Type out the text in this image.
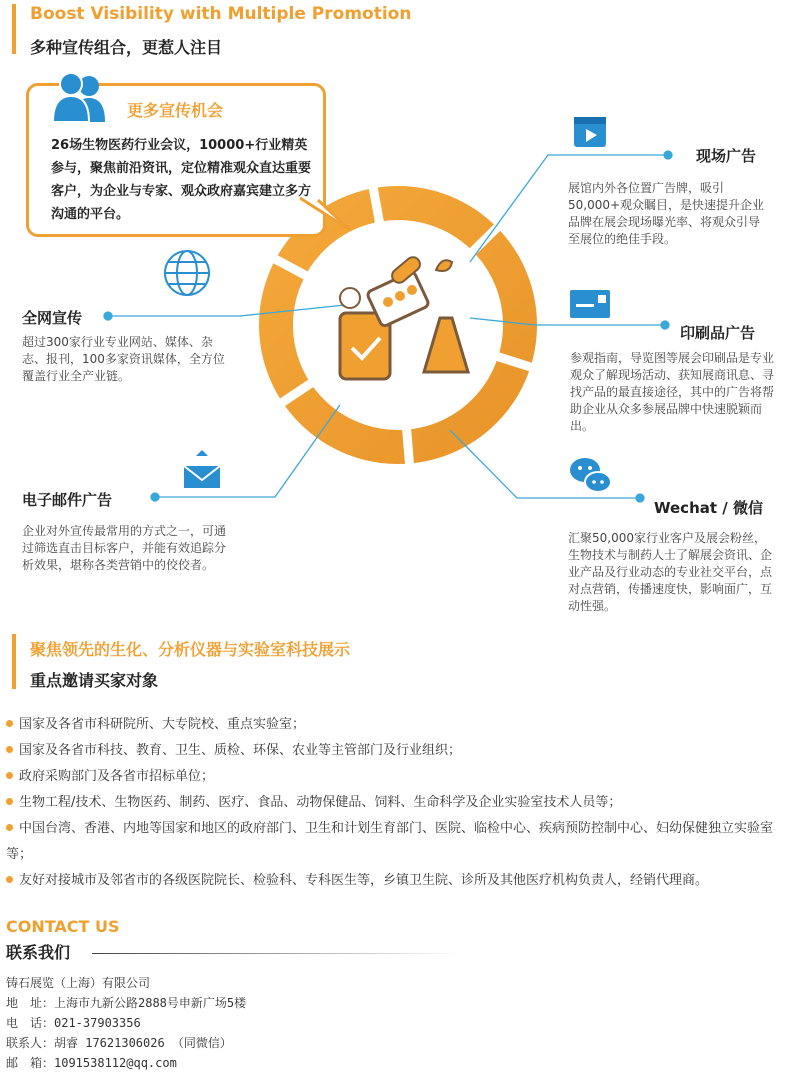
Boost Visibility with Multiple Promotion
多种宣传组合，更惹人注目
更多宣传机会
26场生物医药行业会议，10000+行业精英参与，聚焦前沿资讯，定位精准观众直达重要客户，为企业与专家、观众政府嘉宾建立多方沟通的平台。
现场广告
展馆内外各位置广告牌，吸引50,000+观众瞩目，是快速提升企业品牌在展会现场曝光率、将观众引导至展位的绝佳手段。
印刷品广告
参观指南，导览图等展会印刷品是专业观众了解现场活动、获知展商讯息、寻找产品的最直接途径，其中的广告将帮助企业从众多参展品牌中快速脱颖而出。
全网宣传
超过300家行业专业网站、媒体、杂志、报刊，100多家资讯媒体，全方位覆盖行业全产业链。
电子邮件广告
企业对外宣传最常用的方式之一，可通过筛选直击目标客户，并能有效追踪分析效果，堪称各类营销中的佼佼者。
Wechat / 微信
汇聚50,000家行业客户及展会粉丝，生物技术与制药人士了解展会资讯、企业产品及行业动态的专业社交平台，点对点营销，传播速度快，影响面广，互动性强。
聚焦领先的生化、分析仪器与实验室科技展示
重点邀请买家对象
国家及各省市科研院所、大专院校、重点实验室；
国家及各省市科技、教育、卫生、质检、环保、农业等主管部门及行业组织；
政府采购部门及各省市招标单位；
生物工程/技术、生物医药、制药、医疗、食品、动物保健品、饲料、生命科学及企业实验室技术人员等；
中国台湾、香港、内地等国家和地区的政府部门、卫生和计划生育部门、医院、临检中心、疾病预防控制中心、妇幼保健独立实验室等；
友好对接城市及邻省市的各级医院院长、检验科、专科医生等，乡镇卫生院、诊所及其他医疗机构负责人，经销代理商。
CONTACT US
联系我们
铸石展览（上海）有限公司
地　址：上海市九新公路2888号申新广场5楼
电　话：021-37903356
联系人：胡睿 17621306026 （同微信）
邮　箱：1091538112@qq.com
